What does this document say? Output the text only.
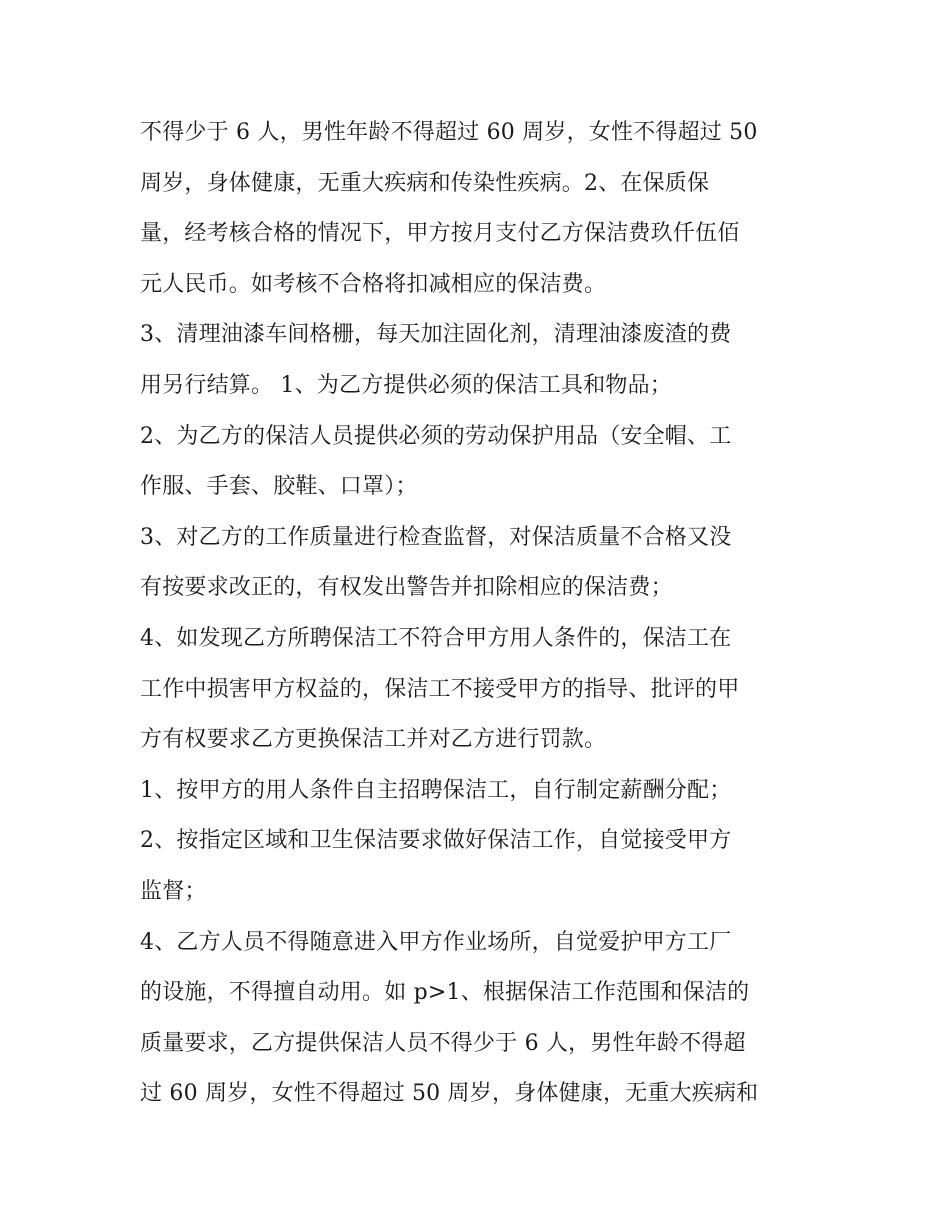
不得少于 6 人，男性年龄不得超过 60 周岁，女性不得超过 50
周岁，身体健康，无重大疾病和传染性疾病。2、在保质保
量，经考核合格的情况下，甲方按月支付乙方保洁费玖仟伍佰
元人民币。如考核不合格将扣减相应的保洁费。
3、清理油漆车间格栅，每天加注固化剂，清理油漆废渣的费
用另行结算。 1、为乙方提供必须的保洁工具和物品；
2、为乙方的保洁人员提供必须的劳动保护用品（安全帽、工
作服、手套、胶鞋、口罩）；
3、对乙方的工作质量进行检查监督，对保洁质量不合格又没
有按要求改正的，有权发出警告并扣除相应的保洁费；
4、如发现乙方所聘保洁工不符合甲方用人条件的，保洁工在
工作中损害甲方权益的，保洁工不接受甲方的指导、批评的甲
方有权要求乙方更换保洁工并对乙方进行罚款。
1、按甲方的用人条件自主招聘保洁工，自行制定薪酬分配；
2、按指定区域和卫生保洁要求做好保洁工作，自觉接受甲方
监督；
4、乙方人员不得随意进入甲方作业场所，自觉爱护甲方工厂
的设施，不得擅自动用。如 p>1、根据保洁工作范围和保洁的
质量要求，乙方提供保洁人员不得少于 6 人，男性年龄不得超
过 60 周岁，女性不得超过 50 周岁，身体健康，无重大疾病和
